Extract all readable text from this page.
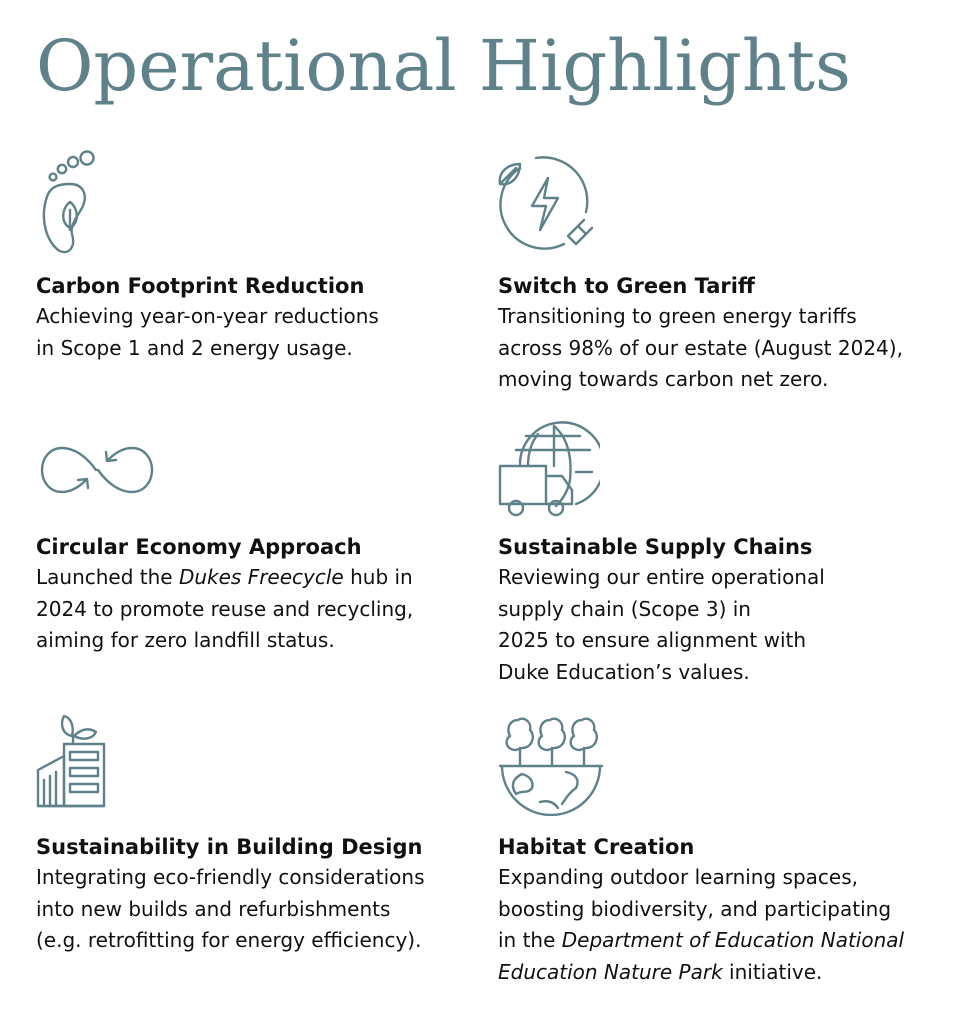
Operational Highlights
Carbon Footprint Reduction

Achieving year-on-year reductions

in Scope 1 and 2 energy usage.

Switch to Green Tariff

Transitioning to green energy tariffs

across 98% of our estate (August 2024),

moving towards carbon net zero.

Circular Economy Approach

Launched the Dukes Freecycle hub in

2024 to promote reuse and recycling,

aiming for zero landfill status.

Sustainable Supply Chains

Reviewing our entire operational

supply chain (Scope 3) in

2025 to ensure alignment with

Duke Education’s values.

Sustainability in Building Design

Integrating eco-friendly considerations

into new builds and refurbishments

(e.g. retrofitting for energy efficiency).

Habitat Creation

Expanding outdoor learning spaces,

boosting biodiversity, and participating

in the Department of Education National

Education Nature Park initiative.
